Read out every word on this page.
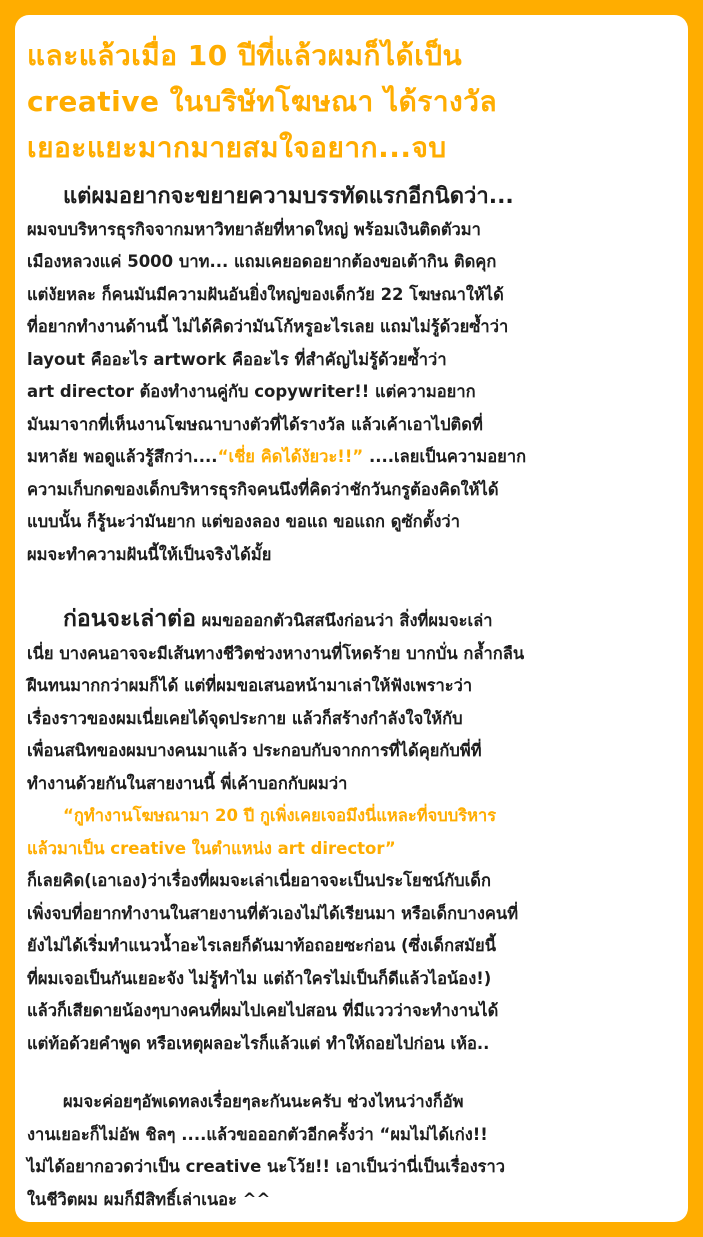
และแล้วเมื่อ 10 ปีที่แล้วผมก็ได้เป็น
creative ในบริษัทโฆษณา ได้รางวัล
เยอะแยะมากมายสมใจอยาก...จบ
แต่ผมอยากจะขยายความบรรทัดแรกอีกนิดว่า...
ผมจบบริหารธุรกิจจากมหาวิทยาลัยที่หาดใหญ่ พร้อมเงินติดตัวมา
เมืองหลวงแค่ 5000 บาท... แถมเคยอดอยากต้องขอเต้ากิน ติดคุก
แต่งัยหละ ก็คนมันมีความฝันอันยิ่งใหญ่ของเด็กวัย 22 โฆษณาให้ได้
ที่อยากทำงานด้านนี้ ไม่ได้คิดว่ามันโก้หรูอะไรเลย แถมไม่รู้ด้วยซ้ำว่า
layout คืออะไร artwork คืออะไร ที่สำคัญไม่รู้ด้วยซ้ำว่า
art director ต้องทำงานคู่กับ copywriter!! แต่ความอยาก
มันมาจากที่เห็นงานโฆษณาบางตัวที่ได้รางวัล แล้วเค้าเอาไปติดที่
มหาลัย พอดูแล้วรู้สึกว่า....“เชี่ย คิดได้งัยวะ!!” ....เลยเป็นความอยาก
ความเก็บกดของเด็กบริหารธุรกิจคนนึงที่คิดว่าชักวันกรูต้องคิดให้ได้
แบบนั้น ก็รู้นะว่ามันยาก แต่ของลอง ขอแถ ขอแถก ดูซักตั้งว่า
ผมจะทำความฝันนี้ให้เป็นจริงได้มั้ย
ก่อนจะเล่าต่อ ผมขอออกตัวนิสสนึงก่อนว่า สิ่งที่ผมจะเล่า
เนี่ย บางคนอาจจะมีเส้นทางชีวิตช่วงหางานที่โหดร้าย บากบั่น กล้ำกลืน
ฝืนทนมากกว่าผมก็ได้ แต่ที่ผมขอเสนอหน้ามาเล่าให้ฟังเพราะว่า
เรื่องราวของผมเนี่ยเคยได้จุดประกาย แล้วก็สร้างกำลังใจให้กับ
เพื่อนสนิทของผมบางคนมาแล้ว ประกอบกับจากการที่ได้คุยกับพี่ที่
ทำงานด้วยกันในสายงานนี้ พี่เค้าบอกกับผมว่า
“กูทำงานโฆษณามา 20 ปี กูเพิ่งเคยเจอมึงนี่แหละที่จบบริหาร
แล้วมาเป็น creative ในตำแหน่ง art director”
ก็เลยคิด(เอาเอง)ว่าเรื่องที่ผมจะเล่าเนี่ยอาจจะเป็นประโยชน์กับเด็ก
เพิ่งจบที่อยากทำงานในสายงานที่ตัวเองไม่ได้เรียนมา หรือเด็กบางคนที่
ยังไม่ได้เริ่มทำแนวน้ำอะไรเลยก็ดันมาท้อถอยซะก่อน (ซึ่งเด็กสมัยนี้
ที่ผมเจอเป็นกันเยอะจัง ไม่รู้ทำไม แต่ถ้าใครไม่เป็นก็ดีแล้วไอน้อง!)
แล้วก็เสียดายน้องๆบางคนที่ผมไปเคยไปสอน ที่มีแววว่าจะทำงานได้
แต่ท้อด้วยคำพูด หรือเหตุผลอะไรก็แล้วแต่ ทำให้ถอยไปก่อน เห้อ..
ผมจะค่อยๆอัพเดทลงเรื่อยๆละกันนะครับ ช่วงไหนว่างก็อัพ
งานเยอะก็ไม่อัพ ชิลๆ ....แล้วขอออกตัวอีกครั้งว่า “ผมไม่ได้เก่ง!!
ไม่ได้อยากอวดว่าเป็น creative นะโว้ย!! เอาเป็นว่านี่เป็นเรื่องราว
ในชีวิตผม ผมก็มีสิทธิ์เล่าเนอะ ^^
